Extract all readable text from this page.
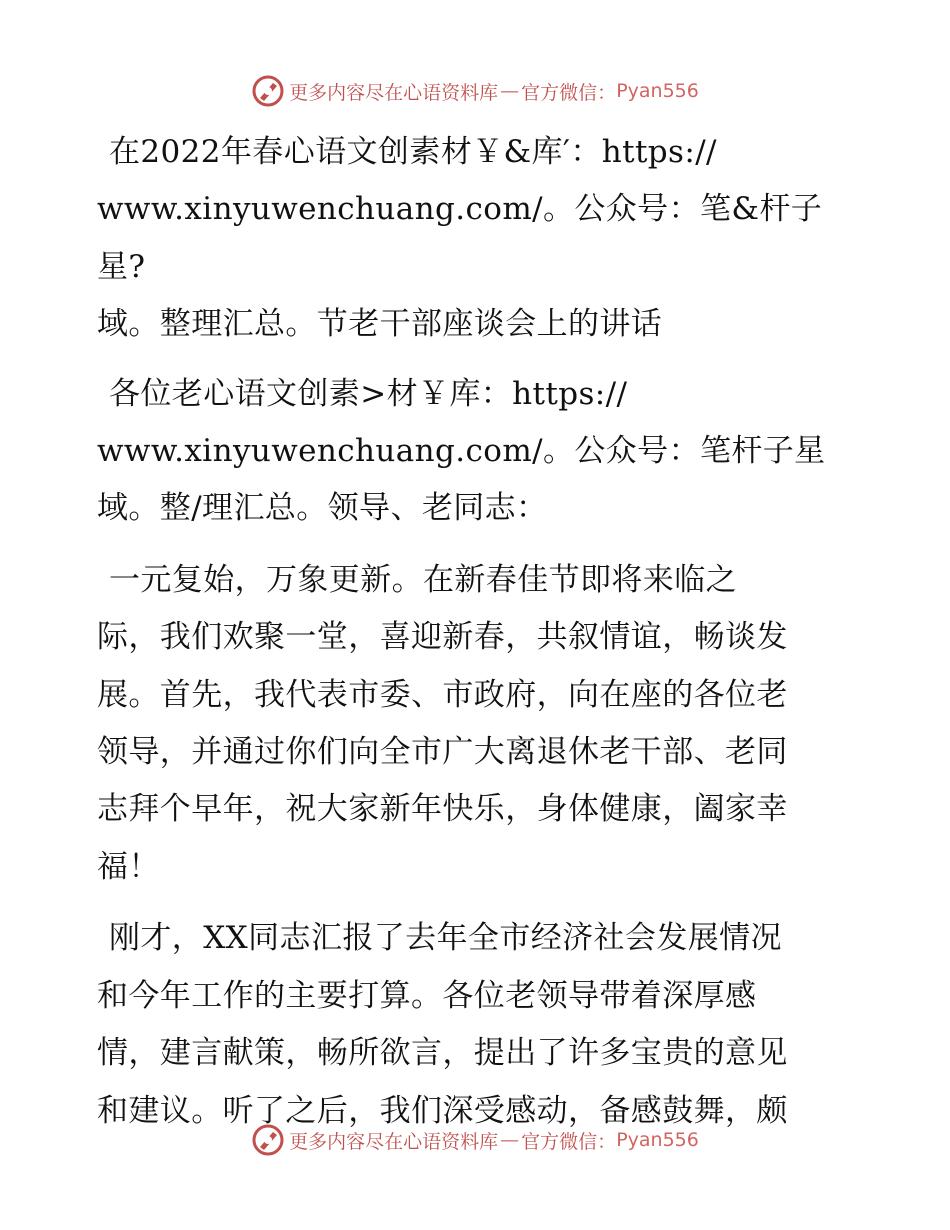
更多内容尽在心语资料库 — 官方微信： Pyan556

在2022年春心语文创素材￥&库′：https://
www.xinyuwenchuang.com/。公众号：笔&杆子星?
域。整理汇总。节老干部座谈会上的讲话

各位老心语文创素>材￥库：https://
www.xinyuwenchuang.com/。公众号：笔杆子星
域。整/理汇总。领导、老同志：

一元复始，万象更新。在新春佳节即将来临之
际，我们欢聚一堂，喜迎新春，共叙情谊，畅谈发
展。首先，我代表市委、市政府，向在座的各位老
领导，并通过你们向全市广大离退休老干部、老同
志拜个早年，祝大家新年快乐，身体健康，阖家幸
福！

刚才，XX同志汇报了去年全市经济社会发展情况
和今年工作的主要打算。各位老领导带着深厚感
情，建言献策，畅所欲言，提出了许多宝贵的意见
和建议。听了之后，我们深受感动，备感鼓舞，颇

更多内容尽在心语资料库 — 官方微信： Pyan556
